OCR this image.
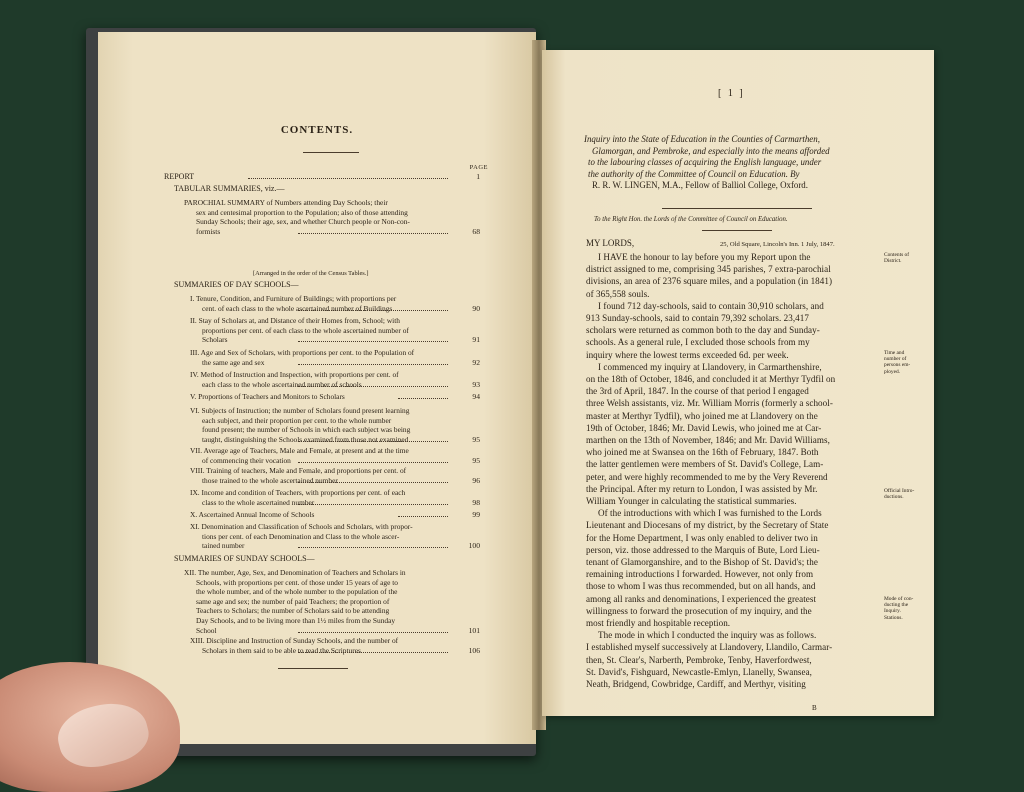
CONTENTS.
PAGE
REPORT	1
TABULAR SUMMARIES, viz.—
PAROCHIAL SUMMARY of Numbers attending Day Schools; their
sex and centesimal proportion to the Population; also of those attending
Sunday Schools; their age, sex, and whether Church people or Non-con-
formists	68
SUMMARIES OF DAY SCHOOLS—
I. Tenure, Condition, and Furniture of Buildings; with proportions per
cent. of each class to the whole ascertained number of Buildings	90
II. Stay of Scholars at, and Distance of their Homes from, School; with
proportions per cent. of each class to the whole ascertained number of
Scholars	91
III. Age and Sex of Scholars, with proportions per cent. to the Population of
the same age and sex	92
IV. Method of Instruction and Inspection, with proportions per cent. of
each class to the whole ascertained number of schools	93
V. Proportions of Teachers and Monitors to Scholars	94
VI. Subjects of Instruction; the number of Scholars found present learning
each subject, and their proportion per cent. to the whole number
found present; the number of Schools in which each subject was being
taught, distinguishing the Schools examined from those not examined	95
VII. Average age of Teachers, Male and Female, at present and at the time
of commencing their vocation	95
VIII. Training of teachers, Male and Female, and proportions per cent. of
those trained to the whole ascertained number	96
IX. Income and condition of Teachers, with proportions per cent. of each
class to the whole ascertained number	98
X. Ascertained Annual Income of Schools	99
XI. Denomination and Classification of Schools and Scholars, with propor-
tions per cent. of each Denomination and Class to the whole ascer-
tained number	100
SUMMARIES OF SUNDAY SCHOOLS—
XII. The number, Age, Sex, and Denomination of Teachers and Scholars in
Schools, with proportions per cent. of those under 15 years of age to
the whole number, and of the whole number to the population of the
same age and sex; the number of paid Teachers; the proportion of
Teachers to Scholars; the number of Scholars said to be attending
Day Schools, and to be living more than 1½ miles from the Sunday
School	101
XIII. Discipline and Instruction of Sunday Schools, and the number of
Scholars in them said to be able to read the Scriptures	106
[Arranged in the order of the Census Tables.]
[ 1 ]
Inquiry into the State of Education in the Counties of Carmarthen,
Glamorgan, and Pembroke, and especially into the means afforded
to the labouring classes of acquiring the English language, under
the authority of the Committee of Council on Education. By
R. R. W. LINGEN, M.A., Fellow of Balliol College, Oxford.
To the Right Hon. the Lords of the Committee of Council on Education.
MY LORDS,	25, Old Square, Lincoln's Inn. 1 July, 1847.
I HAVE the honour to lay before you my Report upon the
district assigned to me, comprising 345 parishes, 7 extra-parochial
divisions, an area of 2376 square miles, and a population (in 1841)
of 365,558 souls.
I found 712 day-schools, said to contain 30,910 scholars, and
913 Sunday-schools, said to contain 79,392 scholars. 23,417
scholars were returned as common both to the day and Sunday-
schools. As a general rule, I excluded those schools from my
inquiry where the lowest terms exceeded 6d. per week.
I commenced my inquiry at Llandovery, in Carmarthenshire,
on the 18th of October, 1846, and concluded it at Merthyr Tydfil on
the 3rd of April, 1847. In the course of that period I engaged
three Welsh assistants, viz. Mr. William Morris (formerly a school-
master at Merthyr Tydfil), who joined me at Llandovery on the
19th of October, 1846; Mr. David Lewis, who joined me at Car-
marthen on the 13th of November, 1846; and Mr. David Williams,
who joined me at Swansea on the 16th of February, 1847. Both
the latter gentlemen were members of St. David's College, Lam-
peter, and were highly recommended to me by the Very Reverend
the Principal. After my return to London, I was assisted by Mr.
William Younger in calculating the statistical summaries.
Of the introductions with which I was furnished to the Lords
Lieutenant and Diocesans of my district, by the Secretary of State
for the Home Department, I was only enabled to deliver two in
person, viz. those addressed to the Marquis of Bute, Lord Lieu-
tenant of Glamorganshire, and to the Bishop of St. David's; the
remaining introductions I forwarded. However, not only from
those to whom I was thus recommended, but on all hands, and
among all ranks and denominations, I experienced the greatest
willingness to forward the prosecution of my inquiry, and the
most friendly and hospitable reception.
The mode in which I conducted the inquiry was as follows.
I established myself successively at Llandovery, Llandilo, Carmar-
then, St. Clear's, Narberth, Pembroke, Tenby, Haverfordwest,
St. David's, Fishguard, Newcastle-Emlyn, Llanelly, Swansea,
Neath, Bridgend, Cowbridge, Cardiff, and Merthyr, visiting
Contents of
District.
Time and
number of
persons em-
ployed.
Official Intro-
ductions.
Mode of con-
ducting the
Inquiry.
Stations.
B
